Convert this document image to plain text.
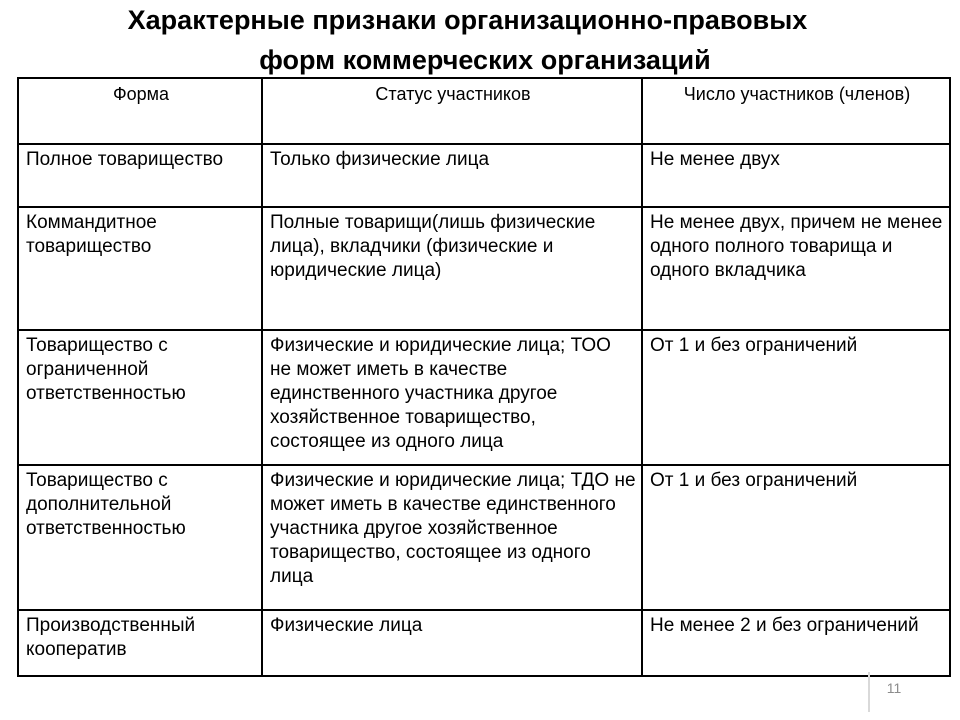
Характерные признаки организационно-правовых
форм коммерческих организаций
Форма	Статус участников	Число участников (членов)
Полное товарищество	Только физические лица	Не менее двух
Коммандитное товарищество	Полные товарищи(лишь физические лица), вкладчики (физические и юридические лица)	Не менее двух, причем не менее одного полного товарища и одного вкладчика
Товарищество с ограниченной ответственностью	Физические и юридические лица; ТОО не может иметь в качестве единственного участника другое хозяйственное товарищество, состоящее из одного лица	От 1 и без ограничений
Товарищество с дополнительной ответственностью	Физические и юридические лица; ТДО не может иметь в качестве единственного участника другое хозяйственное товарищество, состоящее из одного лица	От 1 и без ограничений
Производственный кооператив	Физические лица	Не менее 2 и без ограничений
11
